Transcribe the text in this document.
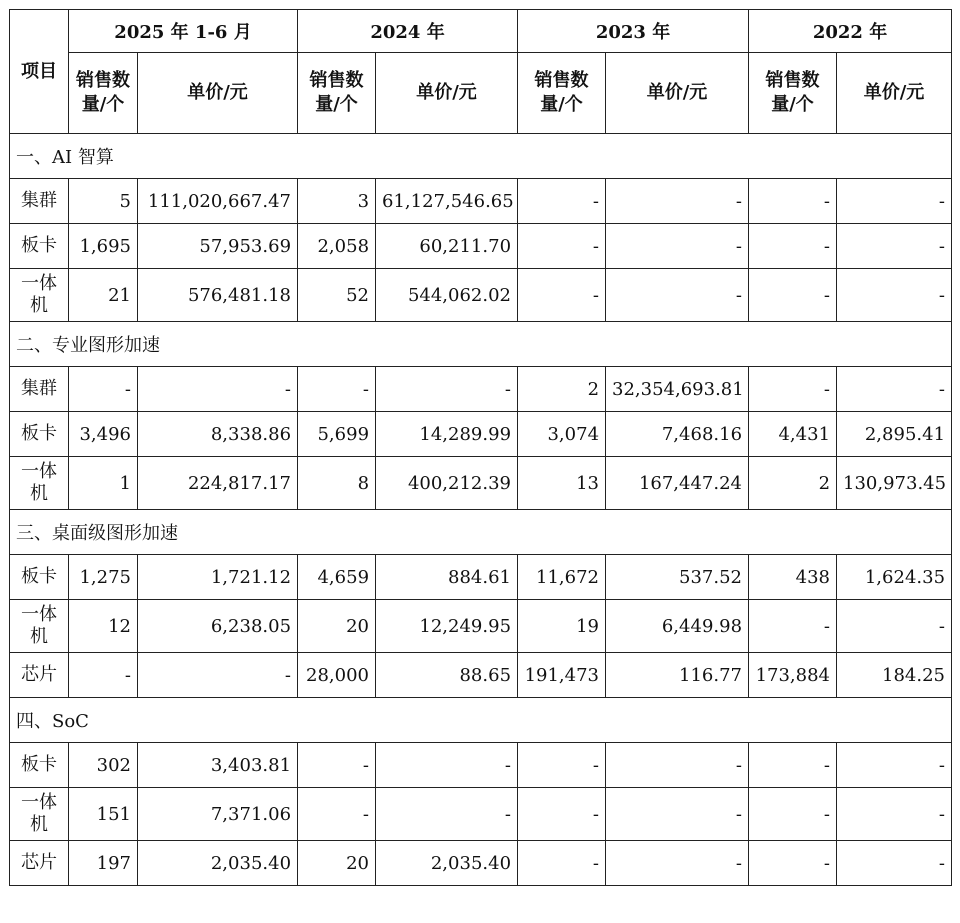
项目	2025 年 1-6 月		2024 年		2023 年		2022 年	
	销售数量/个	单价/元	销售数量/个	单价/元	销售数量/个	单价/元	销售数量/个	单价/元
一、AI 智算								
集群	5	111,020,667.47	3	61,127,546.65	-	-	-	-
板卡	1,695	57,953.69	2,058	60,211.70	-	-	-	-
一体机	21	576,481.18	52	544,062.02	-	-	-	-
二、专业图形加速								
集群	-	-	-	-	2	32,354,693.81	-	-
板卡	3,496	8,338.86	5,699	14,289.99	3,074	7,468.16	4,431	2,895.41
一体机	1	224,817.17	8	400,212.39	13	167,447.24	2	130,973.45
三、桌面级图形加速								
板卡	1,275	1,721.12	4,659	884.61	11,672	537.52	438	1,624.35
一体机	12	6,238.05	20	12,249.95	19	6,449.98	-	-
芯片	-	-	28,000	88.65	191,473	116.77	173,884	184.25
四、SoC								
板卡	302	3,403.81	-	-	-	-	-	-
一体机	151	7,371.06	-	-	-	-	-	-
芯片	197	2,035.40	20	2,035.40	-	-	-	-
